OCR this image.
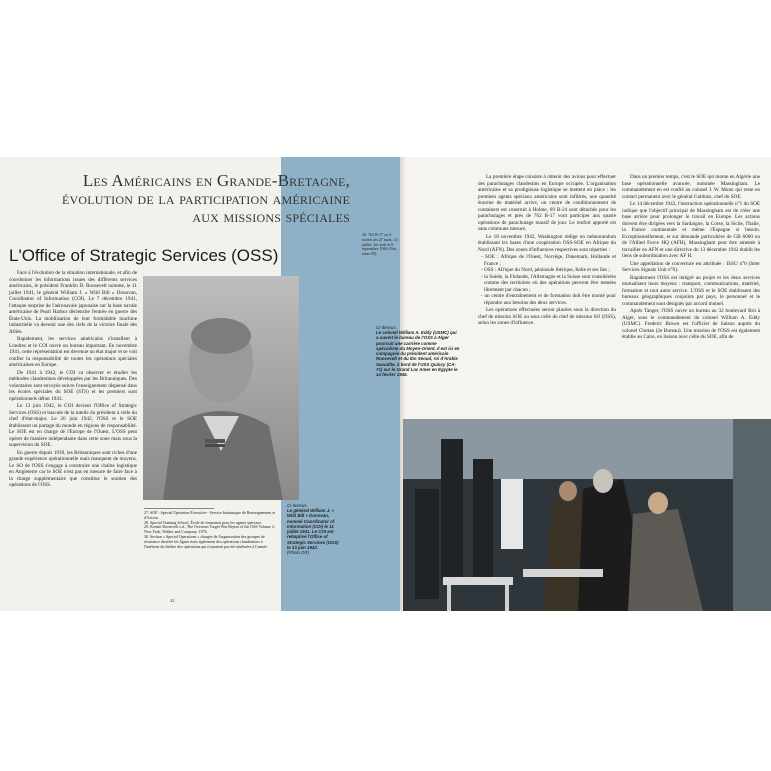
Les Américains en Grande-Bretagne,
évolution de la participation américaine
aux missions spéciales
L'Office of Strategic Services (OSS)

Face à l'évolution de la situation internationale, et afin de coordonner les informations issues des différents services américains, le président Franklin D. Roosevelt nomme, le 11 juillet 1941, le général William J. « Wild Bill » Donovan, Coordinator of Information (COI). Le 7 décembre 1941, l'attaque surprise de l'aéronavale japonaise sur la base navale américaine de Pearl Harbor déclenche l'entrée en guerre des États-Unis. La mobilisation de leur formidable machine industrielle va devenir une des clefs de la victoire finale des Alliés.

Rapidement, les services américains s'installent à Londres et le COI ouvre un bureau important. En novembre 1941, cette représentation est devenue un état major et se voit confier la responsabilité de toutes les opérations spéciales américaines en Europe.

De 1941 à 1942, le COI va observer et étudier les méthodes clandestines développées par les Britanniques. Des volontaires sont envoyés suivre l'enseignement dispensé dans les écoles spéciales du SOE (STS) et les premiers sont opérationnels début 1943.

Le 13 juin 1942, le COI devient l'Office of Strategic Services (OSS) et bascule de la tutelle du président à celle du chef d'état-major. Le 26 juin 1942, l'OSS et le SOE établissent un partage du monde en régions de responsabilité. Le SOE est en charge de l'Europe de l'Ouest. L'OSS peut opérer de manière indépendante dans cette zone mais sous la supervision du SOE.

En guerre depuis 1939, les Britanniques sont riches d'une grande expérience opérationnelle mais manquent de moyens. Le SO de l'OSS s'engage à construire une chaîne logistique en Angleterre car le SOE n'est pas en mesure de faire face à la charge supplémentaire que constitue le soutien des opérations de l'OSS.

27. SOE : Special Operation Executive - Service britannique de Renseignement et d'Action.
28. Special Training School, École de formation pour les agents spéciaux.
29. Kermit Roosevelt s.d., The Overseas Target War Report of the OSS Volume 2, New York, Walker and Company, 1976.
30. Section « Special Operations » chargée de l'organisation des groupes de résistance derrière les lignes mais également des opérations clandestines à l'intérieur du théâtre des opérations qui n'auraient pas été attribuées à l'armée.
Ci-dessus.
Le général William J. « Wild Bill » Donovan, nommé Coordinator of Information (COI) le 11 juillet 1941. Le COI est rebaptisé l'Office of Strategic Services (OSS) le 13 juin 1942.
(Photo DR)
26. 762 B-17 ou 4 sorties les 27 mars, 14 juillet, 1er août et 9 septembre 1944 (Voir tome III).
Ci-dessus.
Le colonel William A. Eddy (USMC) qui a ouvert le bureau de l'OSS à Alger poursuit une carrière comme spécialiste du Moyen-Orient. Il est ici en compagnie du président américain Roosevelt et du Ibn Séoud, roi d'Arabie Saoudite, à bord de l'USS Quincy (CA-71) sur le Grand Lac Amer en Égypte le 14 février 1945.

La première étape consiste à obtenir des avions pour effectuer des parachutages clandestins en Europe occupée. L'organisation américaine et sa prodigieuse logistique se mettent en place : les premiers agents spéciaux américains sont infiltrés, une quantité énorme de matériel arrive, un centre de conditionnement de containers est construit à Holme, 69 B-24 sont détachés pour les parachutages et près de 762 B-17 vont participer aux quatre opérations de parachutage massif de jour. Le renfort apporté est sans commune mesure.

Le 18 novembre 1942, Washington rédige un mémorandum établissant les bases d'une coopération OSS-SOE en Afrique du Nord (AFN). Des zones d'influences respectives sont réparties :

- SOE : Afrique de l'Ouest, Norvège, Danemark, Hollande et France ;
- OSS : Afrique du Nord, péninsule ibérique, Italie et ses îles ;
- la Suède, la Finlande, l'Allemagne et la Suisse sont considérées comme des territoires où des opérations peuvent être menées librement par chacun ;
- un centre d'entraînement et de formation doit être monté pour répondre aux besoins des deux services.

Les opérations effectuées seront placées sous la direction du chef de mission SOE ou sous celle du chef de mission SO (OSS), selon les zones d'influence.

Dans un premier temps, c'est le SOE qui monte en Algérie une base opérationnelle avancée, nommée Massingham. Le commandement en est confié au colonel J. W. Munn qui reste en contact permanent avec le général Gubbins, chef du SOE.

Le 14 décembre 1942, l'instruction opérationnelle n°1 du SOE indique que l'objectif principal de Massingham est de créer une base arrière pour prolonger le travail en Europe. Les actions doivent être dirigées vers la Sardaigne, la Corse, la Sicile, l'Italie, la France continentale et même l'Espagne si besoin. Exceptionnellement, et sur demande particulière de GB 6000 ou de l'Allied Force HQ (AFH), Massingham peut être amenée à travailler en AFN et une directive du 13 décembre 1942 établit les liens de subordination avec AF H.

Une appellation de couverture est attribuée : ISSU n°6 (Inter Services Signals Unit n°6).

Rapidement l'OSS est intégré au projet et les deux services mutualisent leurs moyens : transport, communications, matériel, formation et tout autre service. L'OSS et le SOE établissent des bureaux géographiques conjoints par pays, le personnel et le commandement sont désignés par accord mutuel.

Après Tanger, l'OSS ouvre un bureau au 32 boulevard Brú à Alger, sous le commandement du colonel William A. Eddy (USMC). Frederic Brown est l'officier de liaison auprès du colonel Clottan (2e Bureau). Une mission de l'OSS est également établie au Caire, en liaison avec celle du SOE, afin de

42
